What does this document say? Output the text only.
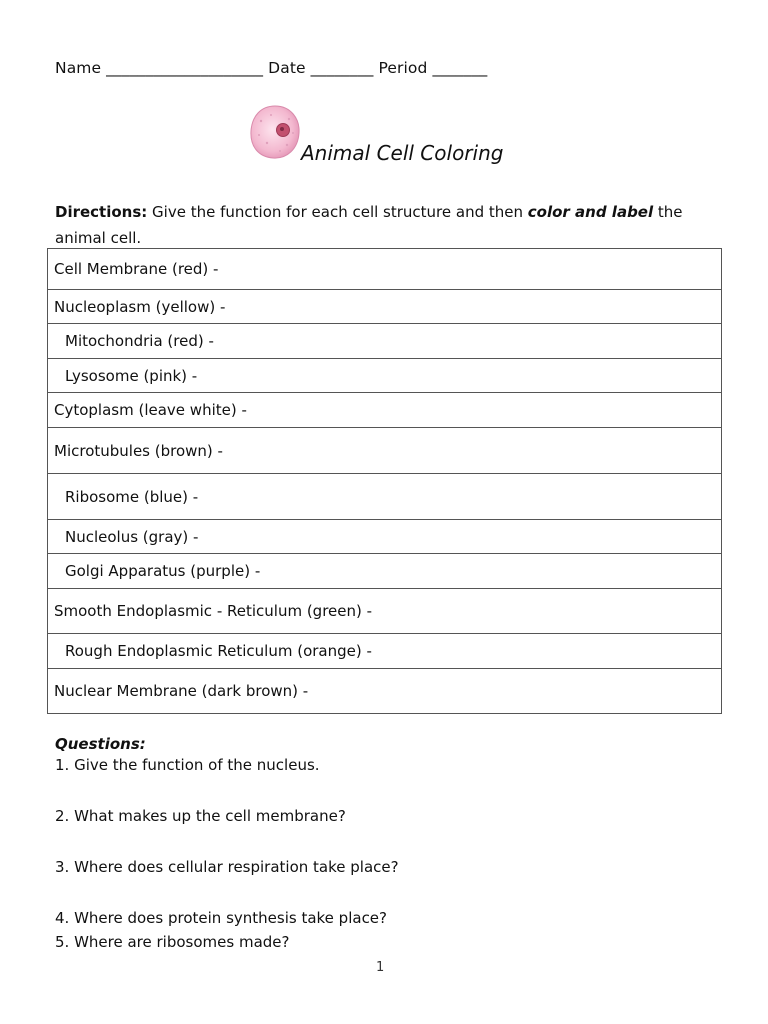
Name ____________________ Date ________ Period _______
Animal Cell Coloring
Directions: Give the function for each cell structure and then color and label the animal cell.
Cell Membrane (red) -
Nucleoplasm (yellow) -
Mitochondria (red) -
Lysosome (pink) -
Cytoplasm (leave white) -
Microtubules (brown) -
Ribosome (blue) -
Nucleolus (gray) -
Golgi Apparatus (purple) -
Smooth Endoplasmic - Reticulum (green) -
Rough Endoplasmic Reticulum (orange) -
Nuclear Membrane (dark brown) -
Questions:
1. Give the function of the nucleus.
2. What makes up the cell membrane?
3. Where does cellular respiration take place?
4. Where does protein synthesis take place?
5. Where are ribosomes made?
1
